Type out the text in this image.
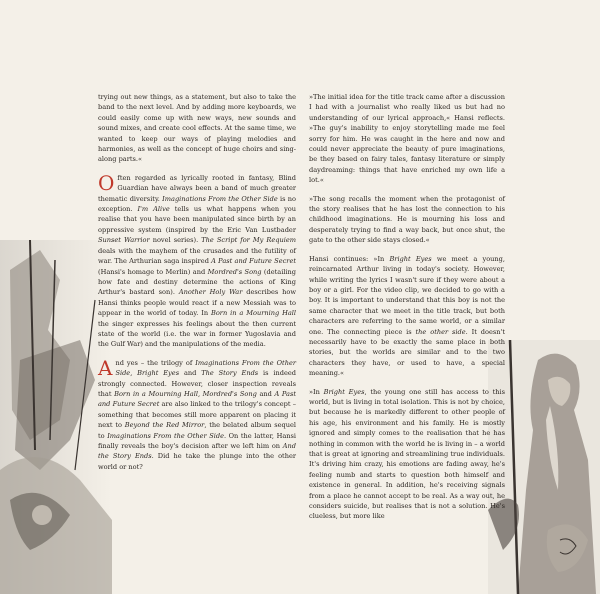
trying out new things, as a statement, but also to take the band to the next level. And by adding more keyboards, we could easily come up with new ways, new sounds and sound mixes, and create cool effects. At the same time, we wanted to keep our ways of playing melodies and harmonies, as well as the concept of huge choirs and sing-along parts.«

Often regarded as lyrically rooted in fantasy, Blind Guardian have always been a band of much greater thematic diversity. Imaginations From the Other Side is no exception. I'm Alive tells us what happens when you realise that you have been manipulated since birth by an oppressive system (inspired by the Eric Van Lustbader Sunset Warrior novel series). The Script for My Requiem deals with the mayhem of the crusades and the futility of war. The Arthurian saga inspired A Past and Future Secret (Hansi's homage to Merlin) and Mordred's Song (detailing how fate and destiny determine the actions of King Arthur's bastard son). Another Holy War describes how Hansi thinks people would react if a new Messiah was to appear in the world of today. In Born in a Mourning Hall the singer expresses his feelings about the then current state of the world (i.e. the war in former Yugoslavia and the Gulf War) and the manipulations of the media.

And yes – the trilogy of Imaginations From the Other Side, Bright Eyes and The Story Ends is indeed strongly connected. However, closer inspection reveals that Born in a Mourning Hall, Mordred's Song and A Past and Future Secret are also linked to the trilogy's concept – something that becomes still more apparent on placing it next to Beyond the Red Mirror, the belated album sequel to Imaginations From the Other Side. On the latter, Hansi finally reveals the boy's decision after we left him on And the Story Ends. Did he take the plunge into the other world or not?

»The initial idea for the title track came after a discussion I had with a journalist who really liked us but had no understanding of our lyrical approach,« Hansi reflects. »The guy's inability to enjoy storytelling made me feel sorry for him. He was caught in the here and now and could never appreciate the beauty of pure imaginations, be they based on fairy tales, fantasy literature or simply daydreaming: things that have enriched my own life a lot.«

»The song recalls the moment when the protagonist of the story realises that he has lost the connection to his childhood imaginations. He is mourning his loss and desperately trying to find a way back, but once shut, the gate to the other side stays closed.«

Hansi continues: »In Bright Eyes we meet a young, reincarnated Arthur living in today's society. However, while writing the lyrics I wasn't sure if they were about a boy or a girl. For the video clip, we decided to go with a boy. It is important to understand that this boy is not the same character that we meet in the title track, but both characters are referring to the same world, or a similar one. The connecting piece is the other side. It doesn't necessarily have to be exactly the same place in both stories, but the worlds are similar and to the two characters they have, or used to have, a special meaning.«

»In Bright Eyes, the young one still has access to this world, but is living in total isolation. This is not by choice, but because he is markedly different to other people of his age, his environment and his family. He is mostly ignored and simply comes to the realisation that he has nothing in common with the world he is living in – a world that is great at ignoring and streamlining true individuals. It's driving him crazy, his emotions are fading away, he's feeling numb and starts to question both himself and existence in general. In addition, he's receiving signals from a place he cannot accept to be real. As a way out, he considers suicide, but realises that is not a solution. He's clueless, but more like
